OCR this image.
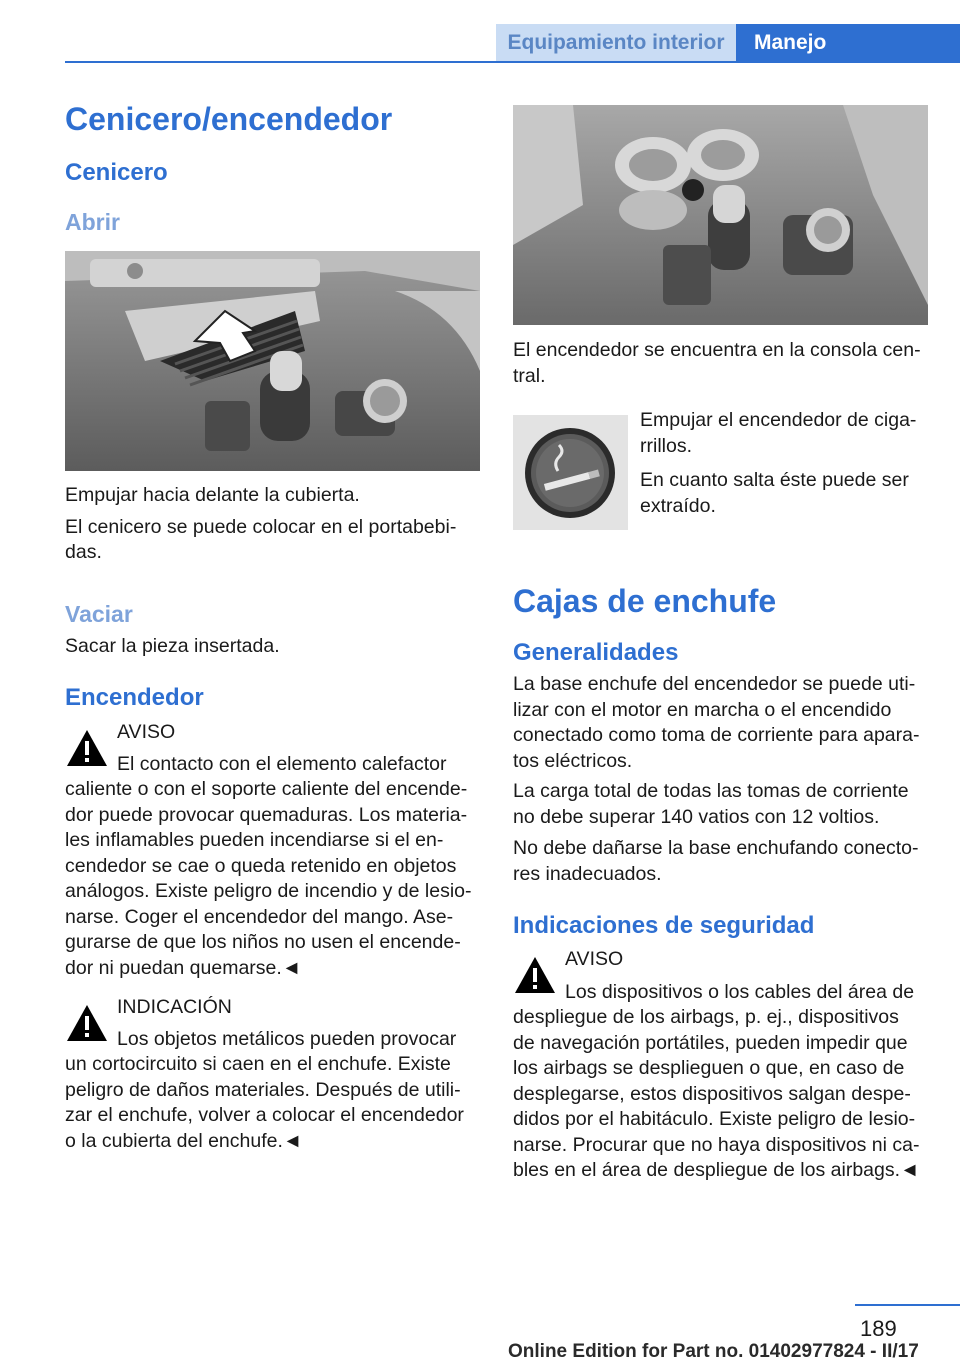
Equipamiento interior	Manejo
Cenicero/encendedor
Cenicero
Abrir
Empujar hacia delante la cubierta.
El cenicero se puede colocar en el portabebi-
das.
Vaciar
Sacar la pieza insertada.
Encendedor
AVISO
El contacto con el elemento calefactor
caliente o con el soporte caliente del encende-
dor puede provocar quemaduras. Los materia-
les inflamables pueden incendiarse si el en-
cendedor se cae o queda retenido en objetos
análogos. Existe peligro de incendio y de lesio-
narse. Coger el encendedor del mango. Ase-
gurarse de que los niños no usen el encende-
dor ni puedan quemarse.◄
INDICACIÓN
Los objetos metálicos pueden provocar
un cortocircuito si caen en el enchufe. Existe
peligro de daños materiales. Después de utili-
zar el enchufe, volver a colocar el encendedor
o la cubierta del enchufe.◄
El encendedor se encuentra en la consola cen-
tral.
Empujar el encendedor de ciga-
rrillos.
En cuanto salta éste puede ser
extraído.
Cajas de enchufe
Generalidades
La base enchufe del encendedor se puede uti-
lizar con el motor en marcha o el encendido
conectado como toma de corriente para apara-
tos eléctricos.
La carga total de todas las tomas de corriente
no debe superar 140 vatios con 12 voltios.
No debe dañarse la base enchufando conecto-
res inadecuados.
Indicaciones de seguridad
AVISO
Los dispositivos o los cables del área de
despliegue de los airbags, p. ej., dispositivos
de navegación portátiles, pueden impedir que
los airbags se desplieguen o que, en caso de
desplegarse, estos dispositivos salgan despe-
didos por el habitáculo. Existe peligro de lesio-
narse. Procurar que no haya dispositivos ni ca-
bles en el área de despliegue de los airbags.◄
189
Online Edition for Part no. 01402977824 - II/17
